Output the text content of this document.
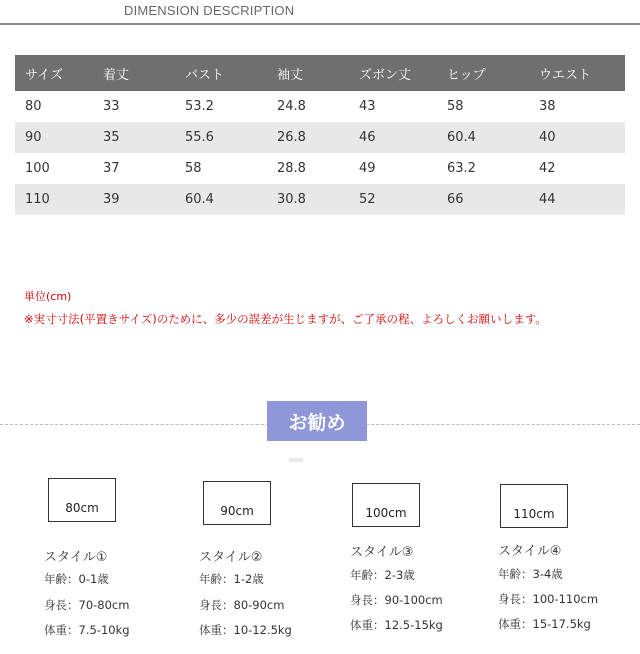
DIMENSION DESCRIPTION
サイズ	着丈	バスト	袖丈	ズボン丈	ヒップ	ウエスト
80	33	53.2	24.8	43	58	38
90	35	55.6	26.8	46	60.4	40
100	37	58	28.8	49	63.2	42
110	39	60.4	30.8	52	66	44
単位(cm)
※実寸寸法(平置きサイズ)のために、多少の誤差が生じますが、ご了承の程、よろしくお願いします。
お勧め
80cm
スタイル①
年齢：0-1歳
身長：70-80cm
体重：7.5-10kg
90cm
スタイル②
年齢：1-2歳
身長：80-90cm
体重：10-12.5kg
100cm
スタイル③
年齢：2-3歳
身長：90-100cm
体重：12.5-15kg
110cm
スタイル④
年齢：3-4歳
身長：100-110cm
体重：15-17.5kg
